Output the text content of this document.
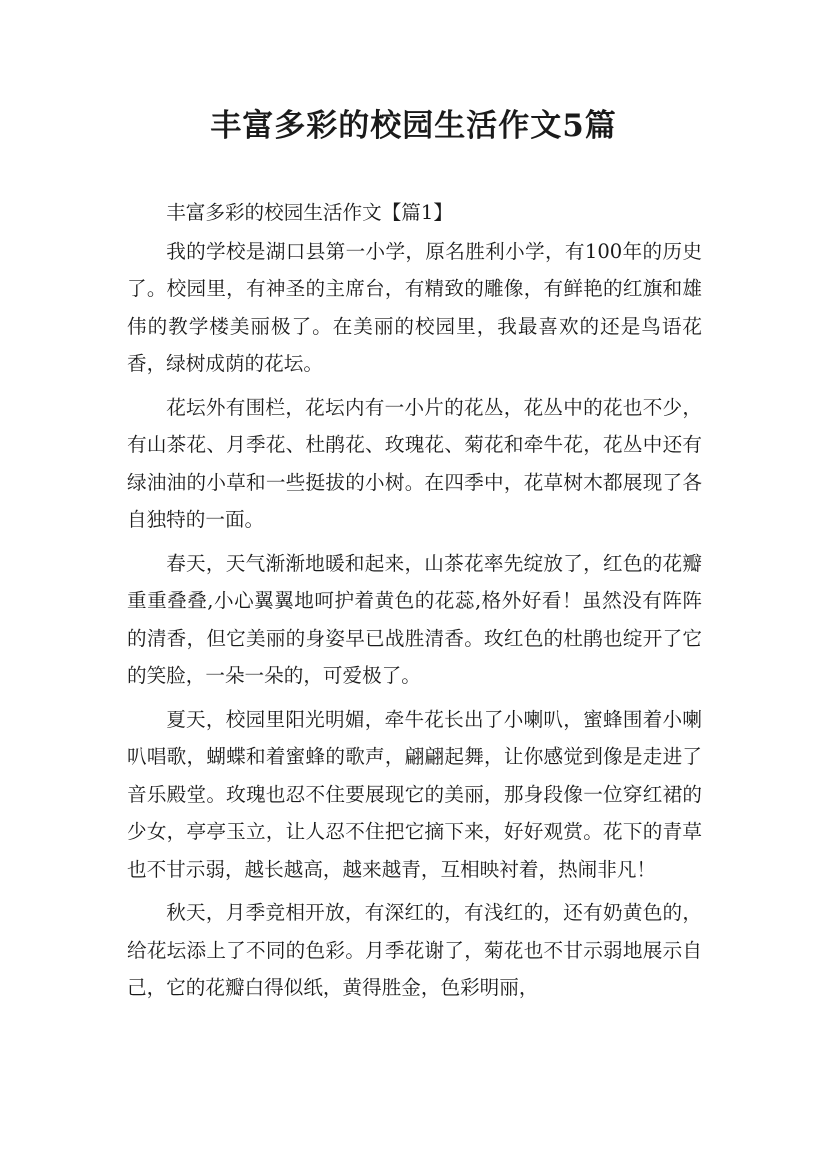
丰富多彩的校园生活作文5篇

丰富多彩的校园生活作文【篇1】

我的学校是湖口县第一小学，原名胜利小学，有100年的历史了。校园里，有神圣的主席台，有精致的雕像，有鲜艳的红旗和雄伟的教学楼美丽极了。在美丽的校园里，我最喜欢的还是鸟语花香，绿树成荫的花坛。

花坛外有围栏，花坛内有一小片的花丛，花丛中的花也不少，有山茶花、月季花、杜鹃花、玫瑰花、菊花和牵牛花，花丛中还有绿油油的小草和一些挺拔的小树。在四季中，花草树木都展现了各自独特的一面。

春天，天气渐渐地暖和起来，山茶花率先绽放了，红色的花瓣重重叠叠,小心翼翼地呵护着黄色的花蕊,格外好看！虽然没有阵阵的清香，但它美丽的身姿早已战胜清香。玫红色的杜鹃也绽开了它的笑脸，一朵一朵的，可爱极了。

夏天，校园里阳光明媚，牵牛花长出了小喇叭，蜜蜂围着小喇叭唱歌，蝴蝶和着蜜蜂的歌声，翩翩起舞，让你感觉到像是走进了音乐殿堂。玫瑰也忍不住要展现它的美丽，那身段像一位穿红裙的少女，亭亭玉立，让人忍不住把它摘下来，好好观赏。花下的青草也不甘示弱，越长越高，越来越青，互相映衬着，热闹非凡！

秋天，月季竞相开放，有深红的，有浅红的，还有奶黄色的，给花坛添上了不同的色彩。月季花谢了，菊花也不甘示弱地展示自己，它的花瓣白得似纸，黄得胜金，色彩明丽，
